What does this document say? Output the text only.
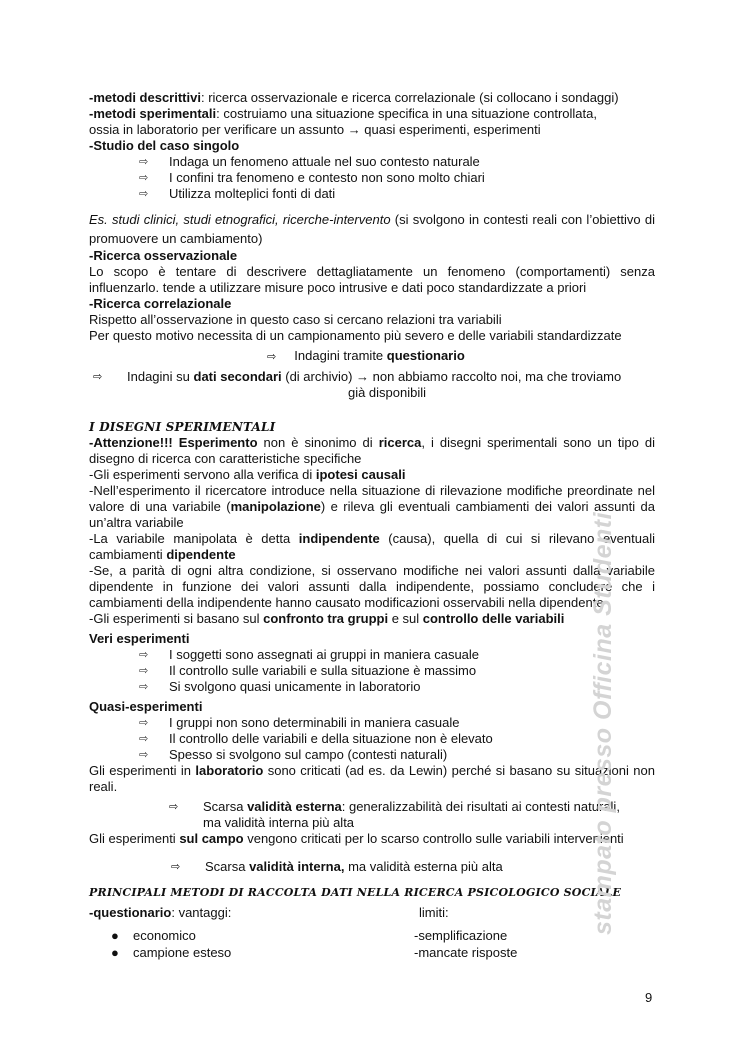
-metodi descrittivi: ricerca osservazionale e ricerca correlazionale (si collocano i sondaggi)

-metodi sperimentali: costruiamo una situazione specifica in una situazione controllata,

ossia in laboratorio per verificare un assunto → quasi esperimenti, esperimenti

-Studio del caso singolo

⇨ Indaga un fenomeno attuale nel suo contesto naturale
⇨ I confini tra fenomeno e contesto non sono molto chiari
⇨ Utilizza molteplici fonti di dati

Es. studi clinici, studi etnografici, ricerche-intervento (si svolgono in contesti reali con l’obiettivo di promuovere un cambiamento)

-Ricerca osservazionale

Lo scopo è tentare di descrivere dettagliatamente un fenomeno (comportamenti) senza influenzarlo. tende a utilizzare misure poco intrusive e dati poco standardizzate a priori

-Ricerca correlazionale

Rispetto all’osservazione in questo caso si cercano relazioni tra variabili

Per questo motivo necessita di un campionamento più severo e delle variabili standardizzate

⇨ Indagini tramite questionario

⇨ Indagini su dati secondari (di archivio) → non abbiamo raccolto noi, ma che troviamo

già disponibili

I DISEGNI SPERIMENTALI

-Attenzione!!! Esperimento non è sinonimo di ricerca, i disegni sperimentali sono un tipo di disegno di ricerca con caratteristiche specifiche

-Gli esperimenti servono alla verifica di ipotesi causali

-Nell’esperimento il ricercatore introduce nella situazione di rilevazione modifiche preordinate nel valore di una variabile (manipolazione) e rileva gli eventuali cambiamenti dei valori assunti da un’altra variabile

-La variabile manipolata è detta indipendente (causa), quella di cui si rilevano eventuali cambiamenti dipendente

-Se, a parità di ogni altra condizione, si osservano modifiche nei valori assunti dalla variabile dipendente in funzione dei valori assunti dalla indipendente, possiamo concludere che i cambiamenti della indipendente hanno causato modificazioni osservabili nella dipendente

-Gli esperimenti si basano sul confronto tra gruppi e sul controllo delle variabili

Veri esperimenti

⇨ I soggetti sono assegnati ai gruppi in maniera casuale
⇨ Il controllo sulle variabili e sulla situazione è massimo
⇨ Si svolgono quasi unicamente in laboratorio

Quasi-esperimenti

⇨ I gruppi non sono determinabili in maniera casuale
⇨ Il controllo delle variabili e della situazione non è elevato
⇨ Spesso si svolgono sul campo (contesti naturali)

Gli esperimenti in laboratorio sono criticati (ad es. da Lewin) perché si basano su situazioni non reali.

⇨ Scarsa validità esterna: generalizzabilità dei risultati ai contesti naturali,

ma validità interna più alta

Gli esperimenti sul campo vengono criticati per lo scarso controllo sulle variabili intervenienti

⇨ Scarsa validità interna, ma validità esterna più alta

PRINCIPALI METODI DI RACCOLTA DATI NELLA RICERCA PSICOLOGICO SOCIALE

-questionario: vantaggi:	limiti:
● economico	-semplificazione
● campione esteso	-mancate risposte
stampato presso Officina Studenti
9
